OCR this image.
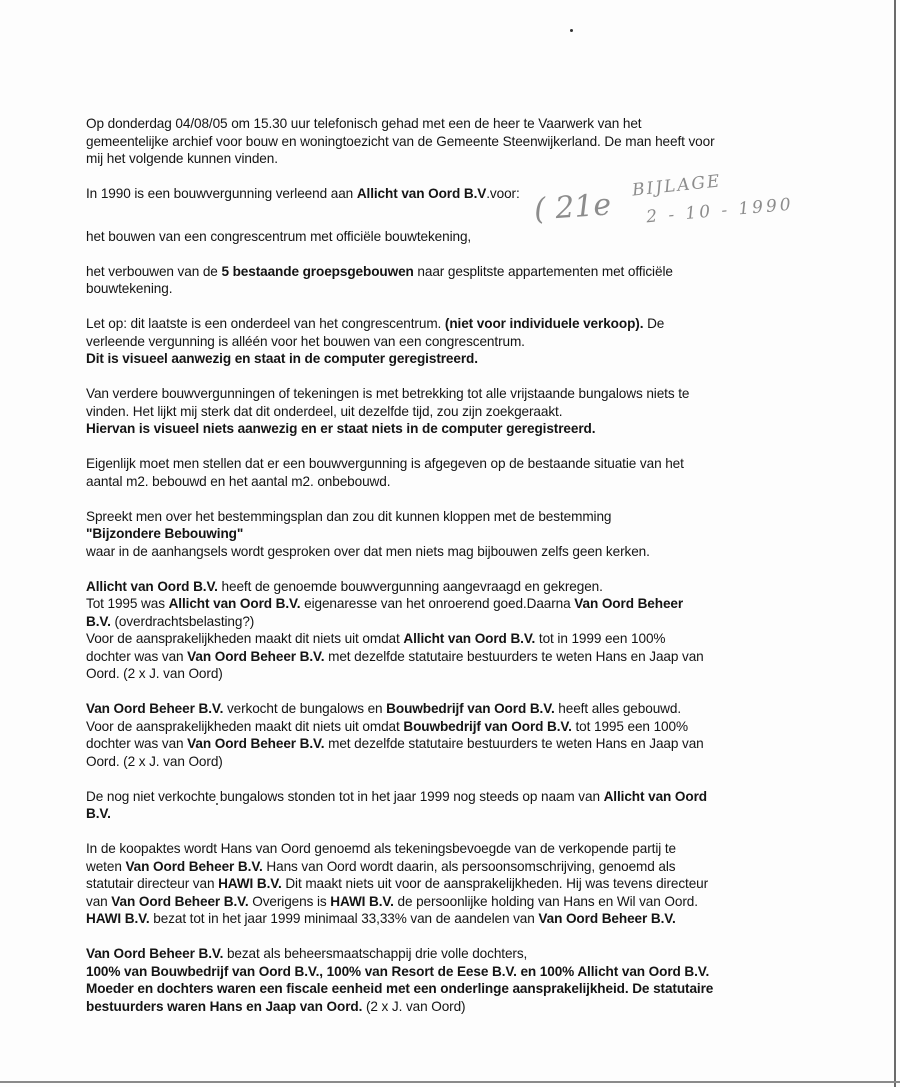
( 21e
BIJLAGE
2 - 10 - 1990
Op donderdag 04/08/05 om 15.30 uur telefonisch gehad met een de heer te Vaarwerk van het
gemeentelijke archief voor bouw en woningtoezicht van de Gemeente Steenwijkerland. De man heeft voor
mij het volgende kunnen vinden.
In 1990 is een bouwvergunning verleend aan Allicht van Oord B.V.voor:
het bouwen van een congrescentrum met officiële bouwtekening,
het verbouwen van de 5 bestaande groepsgebouwen naar gesplitste appartementen met officiële
bouwtekening.
Let op: dit laatste is een onderdeel van het congrescentrum. (niet voor individuele verkoop). De
verleende vergunning is alléén voor het bouwen van een congrescentrum.
Dit is visueel aanwezig en staat in de computer geregistreerd.
Van verdere bouwvergunningen of tekeningen is met betrekking tot alle vrijstaande bungalows niets te
vinden. Het lijkt mij sterk dat dit onderdeel, uit dezelfde tijd, zou zijn zoekgeraakt.
Hiervan is visueel niets aanwezig en er staat niets in de computer geregistreerd.
Eigenlijk moet men stellen dat er een bouwvergunning is afgegeven op de bestaande situatie van het
aantal m2. bebouwd en het aantal m2. onbebouwd.
Spreekt men over het bestemmingsplan dan zou dit kunnen kloppen met de bestemming
"Bijzondere Bebouwing"
waar in de aanhangsels wordt gesproken over dat men niets mag bijbouwen zelfs geen kerken.
Allicht van Oord B.V. heeft de genoemde bouwvergunning aangevraagd en gekregen.
Tot 1995 was Allicht van Oord B.V. eigenaresse van het onroerend goed.Daarna Van Oord Beheer
B.V. (overdrachtsbelasting?)
Voor de aansprakelijkheden maakt dit niets uit omdat Allicht van Oord B.V. tot in 1999 een 100%
dochter was van Van Oord Beheer B.V. met dezelfde statutaire bestuurders te weten Hans en Jaap van
Oord. (2 x J. van Oord)
Van Oord Beheer B.V. verkocht de bungalows en Bouwbedrijf van Oord B.V. heeft alles gebouwd.
Voor de aansprakelijkheden maakt dit niets uit omdat Bouwbedrijf van Oord B.V. tot 1995 een 100%
dochter was van Van Oord Beheer B.V. met dezelfde statutaire bestuurders te weten Hans en Jaap van
Oord. (2 x J. van Oord)
De nog niet verkochte bungalows stonden tot in het jaar 1999 nog steeds op naam van Allicht van Oord
B.V.
In de koopaktes wordt Hans van Oord genoemd als tekeningsbevoegde van de verkopende partij te
weten Van Oord Beheer B.V. Hans van Oord wordt daarin, als persoonsomschrijving, genoemd als
statutair directeur van HAWI B.V. Dit maakt niets uit voor de aansprakelijkheden. Hij was tevens directeur
van Van Oord Beheer B.V. Overigens is HAWI B.V. de persoonlijke holding van Hans en Wil van Oord.
HAWI B.V. bezat tot in het jaar 1999 minimaal 33,33% van de aandelen van Van Oord Beheer B.V.
Van Oord Beheer B.V. bezat als beheersmaatschappij drie volle dochters,
100% van Bouwbedrijf van Oord B.V., 100% van Resort de Eese B.V. en 100% Allicht van Oord B.V.
Moeder en dochters waren een fiscale eenheid met een onderlinge aansprakelijkheid. De statutaire
bestuurders waren Hans en Jaap van Oord. (2 x J. van Oord)
